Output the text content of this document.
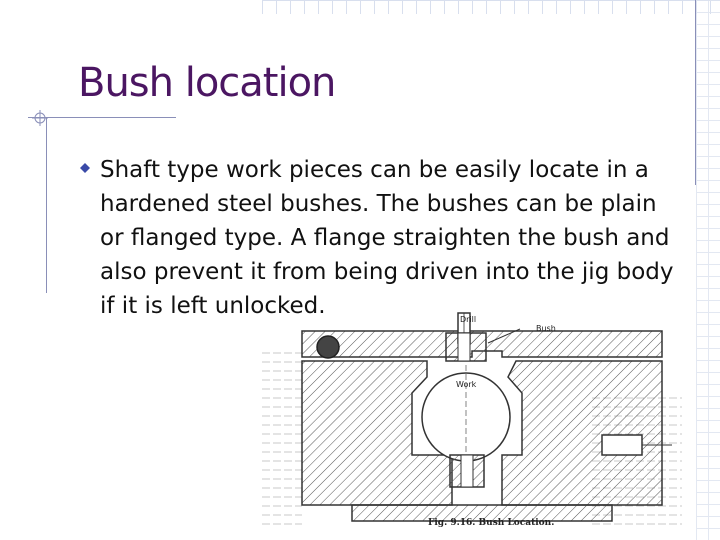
Bush location

Shaft type work pieces can be easily locate in a hardened steel bushes. The bushes can be plain or flanged type. A flange straighten the bush and also prevent it from being driven into the jig body if it is left unlocked.

Drill
Bush
Work
Fig. 9.16. Bush Location.
